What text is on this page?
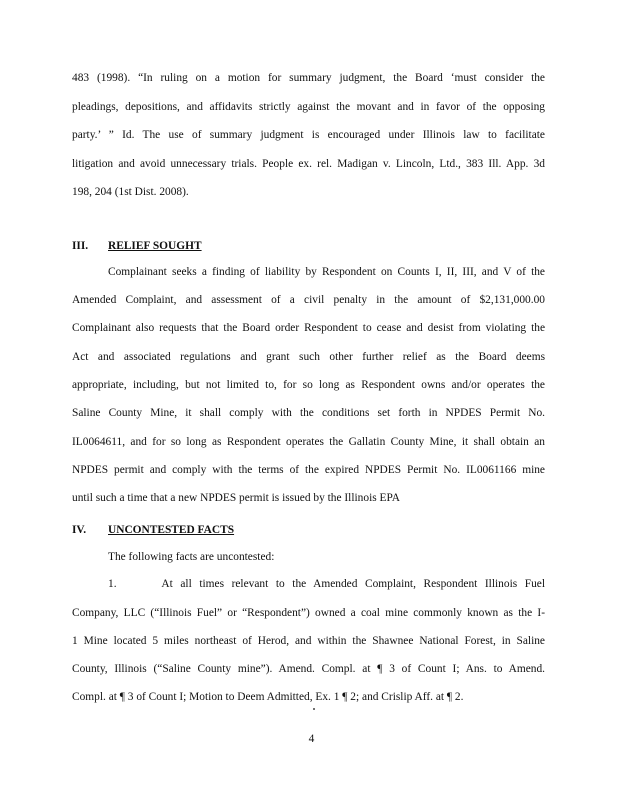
483 (1998). “In ruling on a motion for summary judgment, the Board ‘must consider the
pleadings, depositions, and affidavits strictly against the movant and in favor of the opposing
party.’ ” Id. The use of summary judgment is encouraged under Illinois law to facilitate
litigation and avoid unnecessary trials. People ex. rel. Madigan v. Lincoln, Ltd., 383 Ill. App. 3d
198, 204 (1st Dist. 2008).
III. RELIEF SOUGHT
Complainant seeks a finding of liability by Respondent on Counts I, II, III, and V of the
Amended Complaint, and assessment of a civil penalty in the amount of $2,131,000.00
Complainant also requests that the Board order Respondent to cease and desist from violating the
Act and associated regulations and grant such other further relief as the Board deems
appropriate, including, but not limited to, for so long as Respondent owns and/or operates the
Saline County Mine, it shall comply with the conditions set forth in NPDES Permit No.
IL0064611, and for so long as Respondent operates the Gallatin County Mine, it shall obtain an
NPDES permit and comply with the terms of the expired NPDES Permit No. IL0061166 mine
until such a time that a new NPDES permit is issued by the Illinois EPA
IV. UNCONTESTED FACTS
The following facts are uncontested:
1.      At all times relevant to the Amended Complaint, Respondent Illinois Fuel
Company, LLC (“Illinois Fuel” or “Respondent”) owned a coal mine commonly known as the I-
1 Mine located 5 miles northeast of Herod, and within the Shawnee National Forest, in Saline
County, Illinois (“Saline County mine”). Amend. Compl. at ¶ 3 of Count I; Ans. to Amend.
Compl. at ¶ 3 of Count I; Motion to Deem Admitted, Ex. 1 ¶ 2; and Crislip Aff. at ¶ 2.
4
